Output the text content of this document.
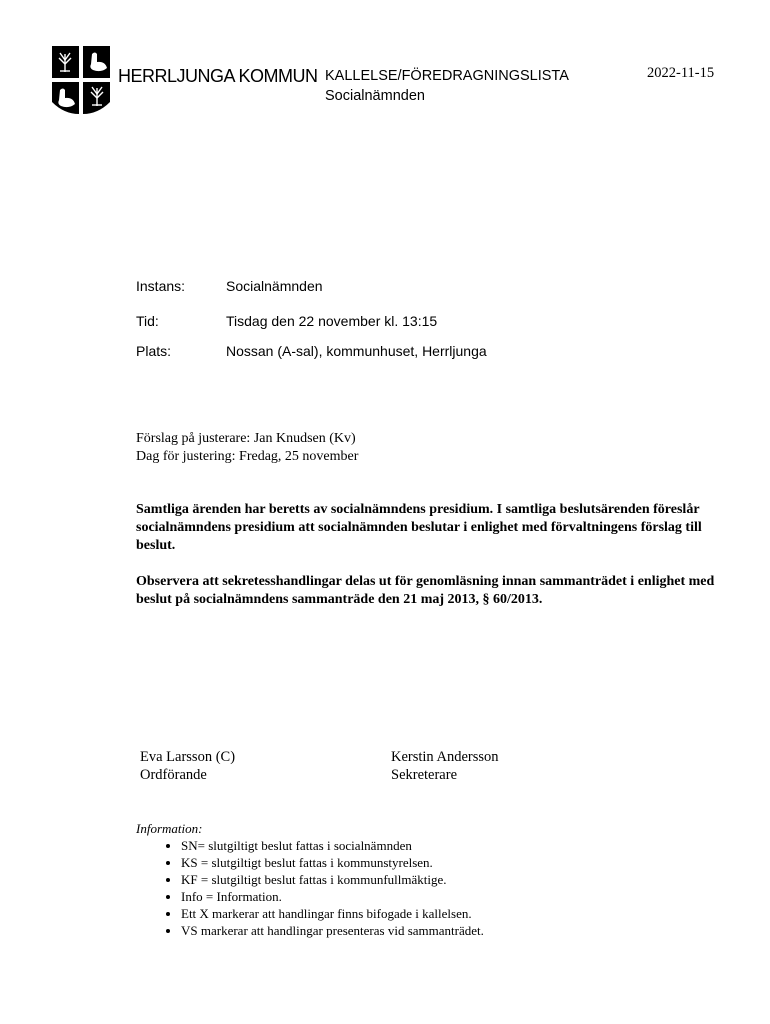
HERRLJUNGA KOMMUN KALLELSE/FÖREDRAGNINGSLISTA
Socialnämnden
2022-11-15
Instans:	Socialnämnden
Tid:	Tisdag den 22 november kl. 13:15
Plats:	Nossan (A-sal), kommunhuset, Herrljunga
Förslag på justerare: Jan Knudsen (Kv)
Dag för justering: Fredag, 25 november
Samtliga ärenden har beretts av socialnämndens presidium. I samtliga beslutsärenden föreslår socialnämndens presidium att socialnämnden beslutar i enlighet med förvaltningens förslag till beslut.
Observera att sekretesshandlingar delas ut för genomläsning innan sammanträdet i enlighet med beslut på socialnämndens sammanträde den 21 maj 2013, § 60/2013.
Eva Larsson (C)
Ordförande
Kerstin Andersson
Sekreterare
Information:
• SN= slutgiltigt beslut fattas i socialnämnden
• KS = slutgiltigt beslut fattas i kommunstyrelsen.
• KF = slutgiltigt beslut fattas i kommunfullmäktige.
• Info = Information.
• Ett X markerar att handlingar finns bifogade i kallelsen.
• VS markerar att handlingar presenteras vid sammanträdet.
